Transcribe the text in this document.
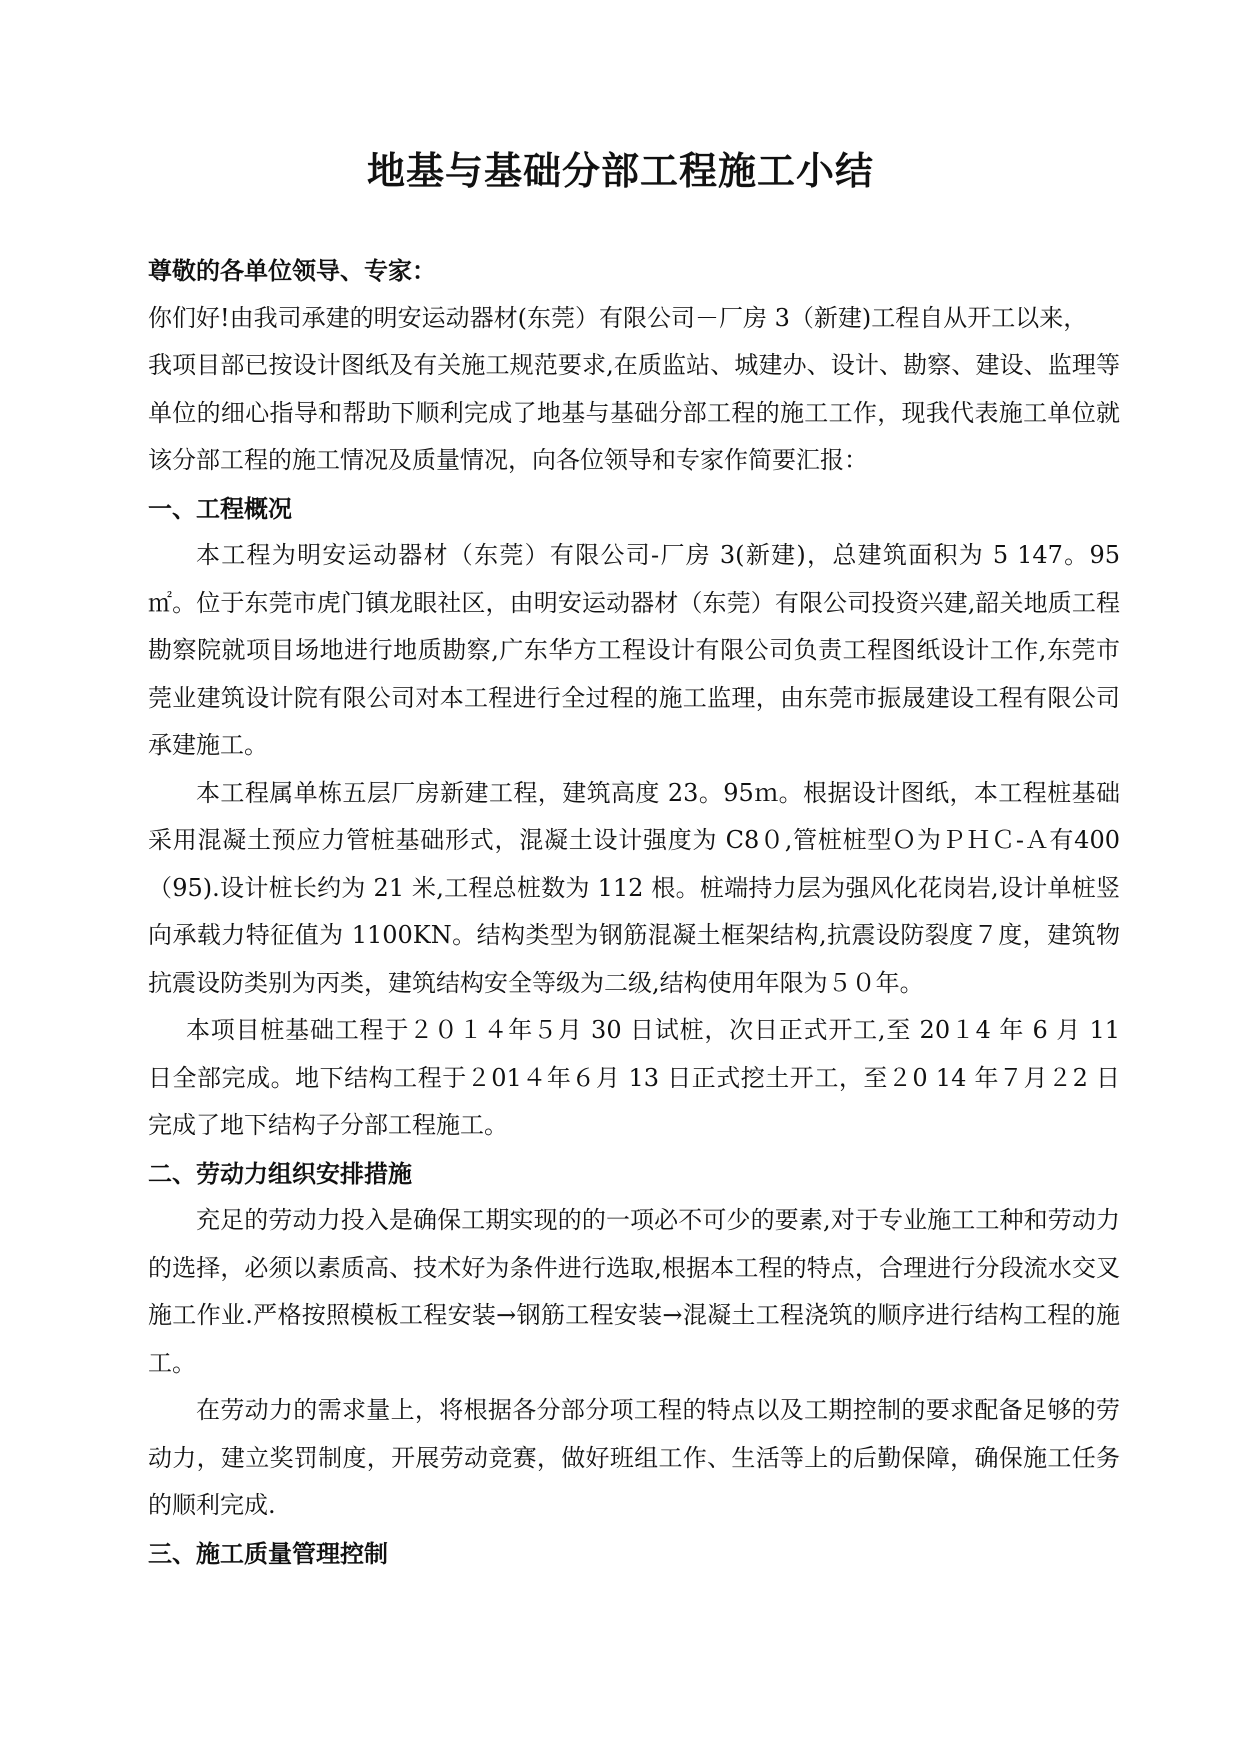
地基与基础分部工程施工小结

尊敬的各单位领导、专家：

你们好!由我司承建的明安运动器材(东莞）有限公司－厂房 3（新建)工程自从开工以来，

我项目部已按设计图纸及有关施工规范要求,在质监站、城建办、设计、勘察、建设、监理等单位的细心指导和帮助下顺利完成了地基与基础分部工程的施工工作，现我代表施工单位就该分部工程的施工情况及质量情况，向各位领导和专家作简要汇报：

一、工程概况

本工程为明安运动器材（东莞）有限公司-厂房 3(新建)，总建筑面积为 5 147。95㎡。位于东莞市虎门镇龙眼社区，由明安运动器材（东莞）有限公司投资兴建,韶关地质工程勘察院就项目场地进行地质勘察,广东华方工程设计有限公司负责工程图纸设计工作,东莞市莞业建筑设计院有限公司对本工程进行全过程的施工监理，由东莞市振晟建设工程有限公司承建施工。

本工程属单栋五层厂房新建工程，建筑高度 23。95ｍ。根据设计图纸，本工程桩基础采用混凝土预应力管桩基础形式，混凝土设计强度为 C8０,管桩桩型Ｏ为ＰＨＣ-Ａ有400（95).设计桩长约为 21 米,工程总桩数为 112 根。桩端持力层为强风化花岗岩,设计单桩竖向承载力特征值为 1100KN。结构类型为钢筋混凝土框架结构,抗震设防裂度７度，建筑物抗震设防类别为丙类，建筑结构安全等级为二级,结构使用年限为５０年。

本项目桩基础工程于２０１４年５月 30 日试桩，次日正式开工,至 20１4 年 6 月 11 日全部完成。地下结构工程于２01４年６月 13 日正式挖土开工，至２0 14 年７月２2 日完成了地下结构子分部工程施工。

二、劳动力组织安排措施

充足的劳动力投入是确保工期实现的的一项必不可少的要素,对于专业施工工种和劳动力的选择，必须以素质高、技术好为条件进行选取,根据本工程的特点，合理进行分段流水交叉施工作业.严格按照模板工程安装→钢筋工程安装→混凝土工程浇筑的顺序进行结构工程的施工。

在劳动力的需求量上，将根据各分部分项工程的特点以及工期控制的要求配备足够的劳动力，建立奖罚制度，开展劳动竞赛，做好班组工作、生活等上的后勤保障，确保施工任务的顺利完成.

三、施工质量管理控制
